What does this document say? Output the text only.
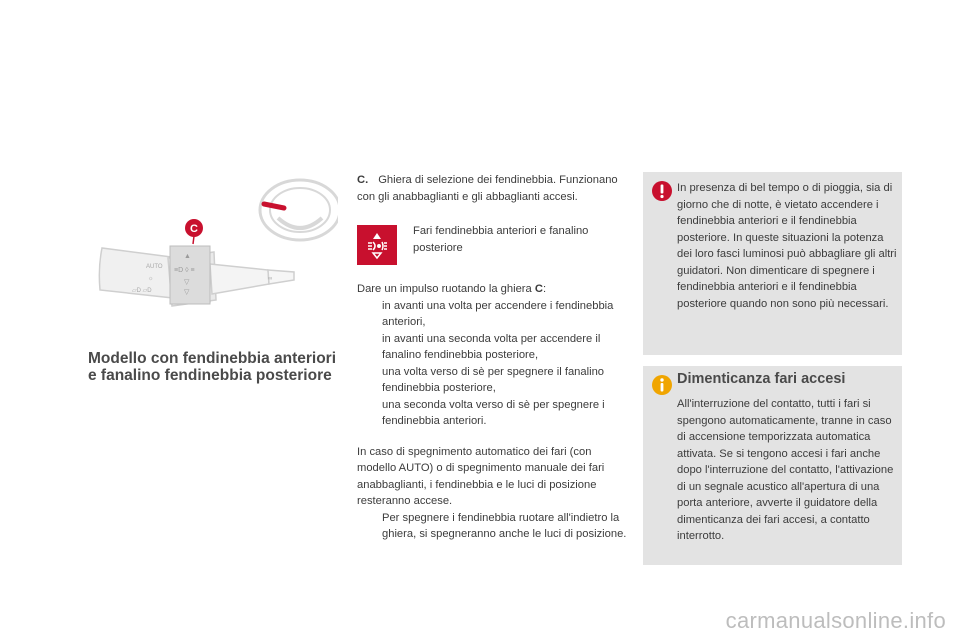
▲
≡D ◊ ≡
▽
▽
AUTO
☼
▱D ▱D
∞
C
Modello con fendinebbia anteriori e fanalino fendinebbia posteriore

C. Ghiera di selezione dei fendinebbia. Funzionano con gli anabbaglianti e gli abbaglianti accesi.

Fari fendinebbia anteriori e fanalino posteriore

Dare un impulso ruotando la ghiera C:

in avanti una volta per accendere i fendinebbia anteriori,
in avanti una seconda volta per accendere il fanalino fendinebbia posteriore,
una volta verso di sè per spegnere il fanalino fendinebbia posteriore,
una seconda volta verso di sè per spegnere i fendinebbia anteriori.

In caso di spegnimento automatico dei fari (con modello AUTO) o di spegnimento manuale dei fari anabbaglianti, i fendinebbia e le luci di posizione resteranno accese.

Per spegnere i fendinebbia ruotare all'indietro la ghiera, si spegneranno anche le luci di posizione.
In presenza di bel tempo o di pioggia, sia di giorno che di notte, è vietato accendere i fendinebbia anteriori e il fendinebbia posteriore. In queste situazioni la potenza dei loro fasci luminosi può abbagliare gli altri guidatori. Non dimenticare di spegnere i fendinebbia anteriori e il fendinebbia posteriore quando non sono più necessari.
Dimenticanza fari accesi
All'interruzione del contatto, tutti i fari si spengono automaticamente, tranne in caso di accensione temporizzata automatica attivata. Se si tengono accesi i fari anche dopo l'interruzione del contatto, l'attivazione di un segnale acustico all'apertura di una porta anteriore, avverte il guidatore della dimenticanza dei fari accesi, a contatto interrotto.
carmanualsonline.info
